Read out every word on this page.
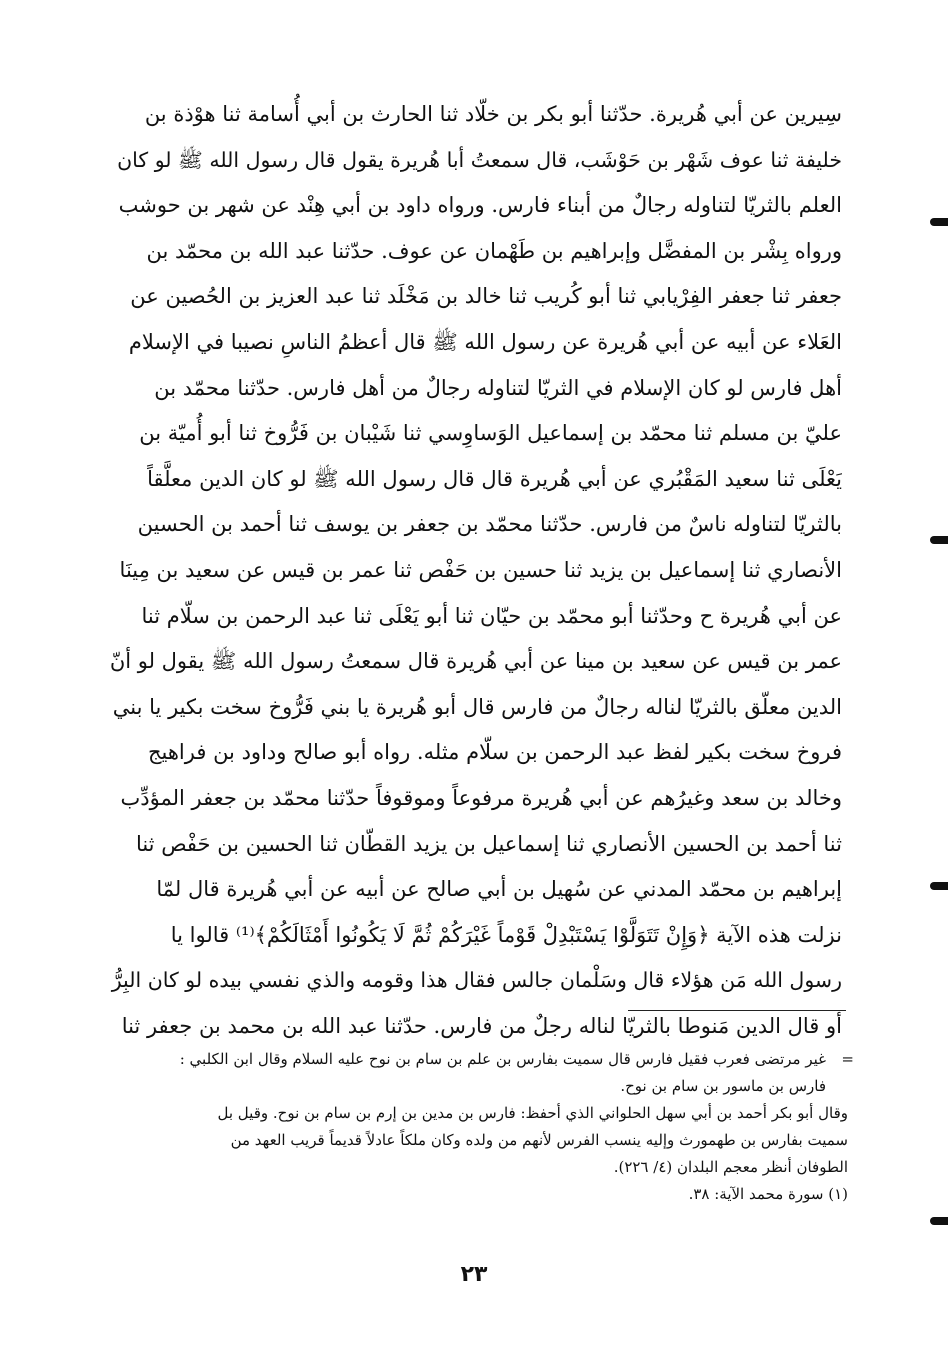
سِيرين عن أبي هُريرة. حدّثنا أبو بكر بن خلّاد ثنا الحارث بن أبي أُسامة ثنا هوْذة بن
خليفة ثنا عوف شَهْر بن حَوْشَب، قال سمعتُ أبا هُريرة يقول قال رسول الله ﷺ لو كان
العلم بالثريّا لتناوله رجالٌ من أبناء فارس. ورواه داود بن أبي هِنْد عن شهر بن حوشب
ورواه بِشْر بن المفضَّل وإبراهيم بن طَهْمان عن عوف. حدّثنا عبد الله بن محمّد بن
جعفر ثنا جعفر الفِرْيابي ثنا أبو كُريب ثنا خالد بن مَخْلَد ثنا عبد العزيز بن الحُصين عن
العَلاء عن أبيه عن أبي هُريرة عن رسول الله ﷺ قال أعظمُ الناسِ نصيبا في الإسلام
أهل فارس لو كان الإسلام في الثريّا لتناوله رجالٌ من أهل فارس. حدّثنا محمّد بن
عليّ بن مسلم ثنا محمّد بن إسماعيل الوَساوِسي ثنا شَيْبان بن فَرُّوخ ثنا أبو أُميّة بن
يَعْلَى ثنا سعيد المَقْبُري عن أبي هُريرة قال قال رسول الله ﷺ لو كان الدين معلَّقاً
بالثريّا لتناوله ناسٌ من فارس. حدّثنا محمّد بن جعفر بن يوسف ثنا أحمد بن الحسين
الأنصاري ثنا إسماعيل بن يزيد ثنا حسين بن حَفْص ثنا عمر بن قيس عن سعيد بن مِينَا
عن أبي هُريرة ح وحدّثنا أبو محمّد بن حيّان ثنا أبو يَعْلَى ثنا عبد الرحمن بن سلّام ثنا
عمر بن قيس عن سعيد بن مينا عن أبي هُريرة قال سمعتُ رسول الله ﷺ يقول لو أنّ
الدين معلّق بالثريّا لناله رجالٌ من فارس قال أبو هُريرة يا بني فَرُّوخ سخت بكير يا بني
فروخ سخت بكير لفظ عبد الرحمن بن سلّام مثله. رواه أبو صالح وداود بن فراهيج
وخالد بن سعد وغيرُهم عن أبي هُريرة مرفوعاً وموقوفاً حدّثنا محمّد بن جعفر المؤدِّب
ثنا أحمد بن الحسين الأنصاري ثنا إسماعيل بن يزيد القطّان ثنا الحسين بن حَفْص ثنا
إبراهيم بن محمّد المدني عن سُهيل بن أبي صالح عن أبيه عن أبي هُريرة قال لمّا
نزلت هذه الآية ﴿وَإِنْ تَتَوَلَّوْا يَسْتَبْدِلْ قَوْماً غَيْرَكُمْ ثُمَّ لَا يَكُونُوا أَمْثَالَكُمْ﴾⁽¹⁾ قالوا يا
رسول الله مَن هؤلاء قال وسَلْمان جالس فقال هذا وقومه والذي نفسي بيده لو كان البِرُّ
أو قال الدين مَنوطا بالثريّا لناله رجلٌ من فارس. حدّثنا عبد الله بن محمد بن جعفر ثنا
=
غير مرتضى فعرب فقيل فارس قال سميت بفارس بن علم بن سام بن نوح عليه السلام وقال ابن الكلبي :
فارس بن ماسور بن سام بن نوح.
وقال أبو بكر أحمد بن أبي سهل الحلواني الذي أحفظ: فارس بن مدين بن إرم بن سام بن نوح. وقيل بل
سميت بفارس بن طهمورث وإليه ينسب الفرس لأنهم من ولده وكان ملكاً عادلاً قديماً قريب العهد من
الطوفان أنظر معجم البلدان (٤/ ٢٢٦).
(١) سورة محمد الآية: ٣٨.
٢٣
